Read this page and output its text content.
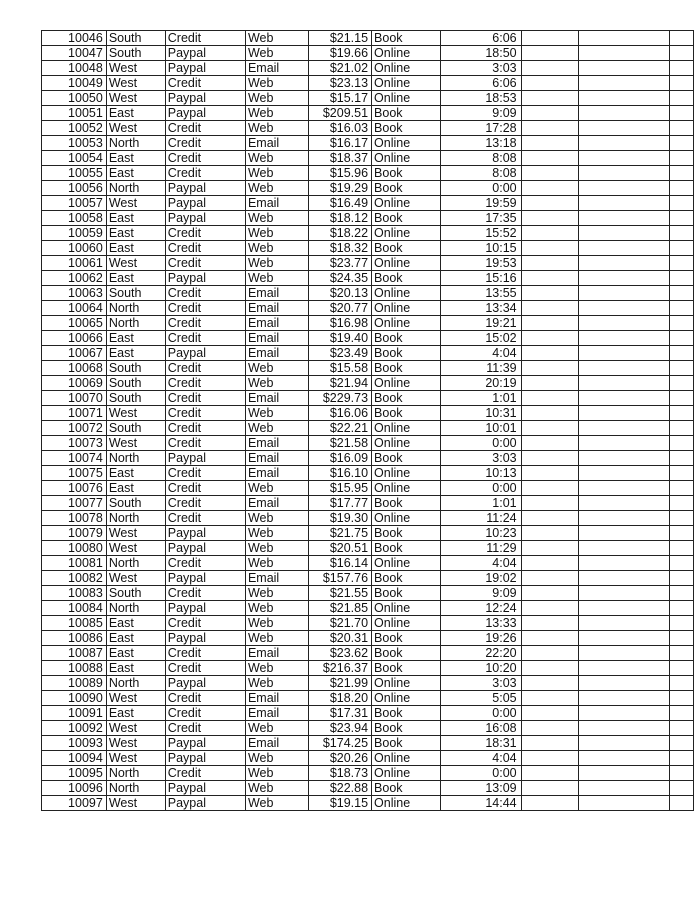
10046	South	Credit	Web	$21.15	Book	6:06			
10047	South	Paypal	Web	$19.66	Online	18:50			
10048	West	Paypal	Email	$21.02	Online	3:03			
10049	West	Credit	Web	$23.13	Online	6:06			
10050	West	Paypal	Web	$15.17	Online	18:53			
10051	East	Paypal	Web	$209.51	Book	9:09			
10052	West	Credit	Web	$16.03	Book	17:28			
10053	North	Credit	Email	$16.17	Online	13:18			
10054	East	Credit	Web	$18.37	Online	8:08			
10055	East	Credit	Web	$15.96	Book	8:08			
10056	North	Paypal	Web	$19.29	Book	0:00			
10057	West	Paypal	Email	$16.49	Online	19:59			
10058	East	Paypal	Web	$18.12	Book	17:35			
10059	East	Credit	Web	$18.22	Online	15:52			
10060	East	Credit	Web	$18.32	Book	10:15			
10061	West	Credit	Web	$23.77	Online	19:53			
10062	East	Paypal	Web	$24.35	Book	15:16			
10063	South	Credit	Email	$20.13	Online	13:55			
10064	North	Credit	Email	$20.77	Online	13:34			
10065	North	Credit	Email	$16.98	Online	19:21			
10066	East	Credit	Email	$19.40	Book	15:02			
10067	East	Paypal	Email	$23.49	Book	4:04			
10068	South	Credit	Web	$15.58	Book	11:39			
10069	South	Credit	Web	$21.94	Online	20:19			
10070	South	Credit	Email	$229.73	Book	1:01			
10071	West	Credit	Web	$16.06	Book	10:31			
10072	South	Credit	Web	$22.21	Online	10:01			
10073	West	Credit	Email	$21.58	Online	0:00			
10074	North	Paypal	Email	$16.09	Book	3:03			
10075	East	Credit	Email	$16.10	Online	10:13			
10076	East	Credit	Web	$15.95	Online	0:00			
10077	South	Credit	Email	$17.77	Book	1:01			
10078	North	Credit	Web	$19.30	Online	11:24			
10079	West	Paypal	Web	$21.75	Book	10:23			
10080	West	Paypal	Web	$20.51	Book	11:29			
10081	North	Credit	Web	$16.14	Online	4:04			
10082	West	Paypal	Email	$157.76	Book	19:02			
10083	South	Credit	Web	$21.55	Book	9:09			
10084	North	Paypal	Web	$21.85	Online	12:24			
10085	East	Credit	Web	$21.70	Online	13:33			
10086	East	Paypal	Web	$20.31	Book	19:26			
10087	East	Credit	Email	$23.62	Book	22:20			
10088	East	Credit	Web	$216.37	Book	10:20			
10089	North	Paypal	Web	$21.99	Online	3:03			
10090	West	Credit	Email	$18.20	Online	5:05			
10091	East	Credit	Email	$17.31	Book	0:00			
10092	West	Credit	Web	$23.94	Book	16:08			
10093	West	Paypal	Email	$174.25	Book	18:31			
10094	West	Paypal	Web	$20.26	Online	4:04			
10095	North	Credit	Web	$18.73	Online	0:00			
10096	North	Paypal	Web	$22.88	Book	13:09			
10097	West	Paypal	Web	$19.15	Online	14:44			
